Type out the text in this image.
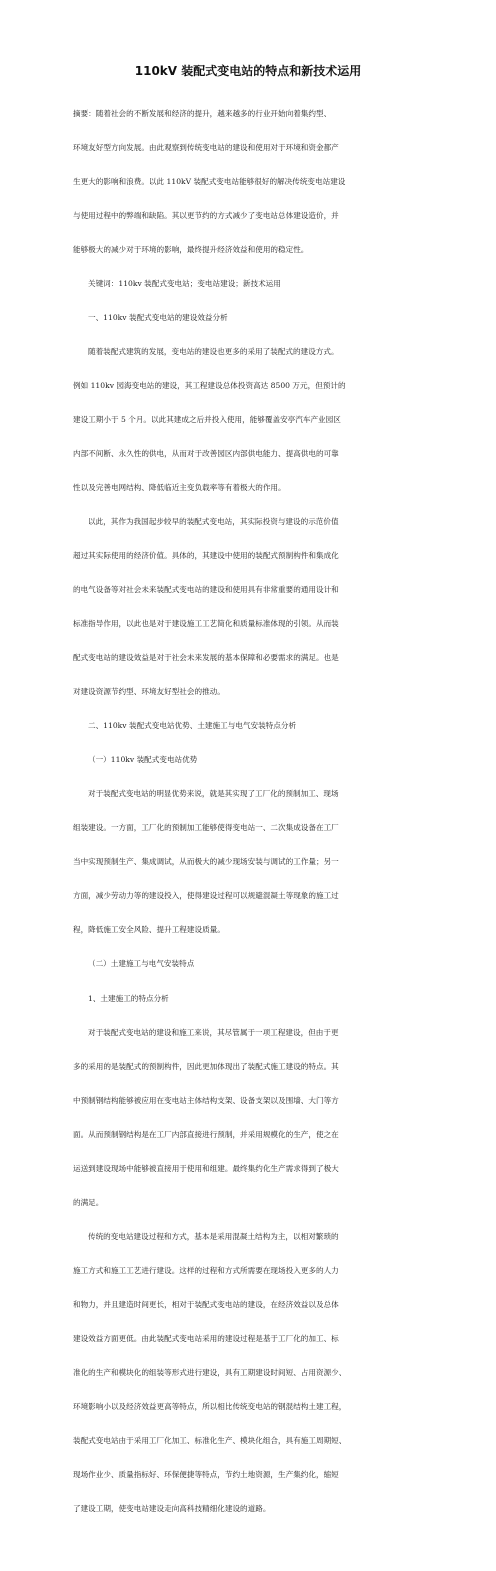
110kV 装配式变电站的特点和新技术运用

摘要：随着社会的不断发展和经济的提升，越来越多的行业开始向着集约型、

环境友好型方向发展。由此观察到传统变电站的建设和使用对于环境和资金都产

生更大的影响和浪费。以此 110kV 装配式变电站能够很好的解决传统变电站建设

与使用过程中的弊端和缺陷。其以更节约的方式减少了变电站总体建设造价，并

能够极大的减少对于环境的影响，最终提升经济效益和使用的稳定性。

关键词：110kv 装配式变电站；变电站建设；新技术运用

一、110kv 装配式变电站的建设效益分析

随着装配式建筑的发展，变电站的建设也更多的采用了装配式的建设方式。

例如 110kv 园海变电站的建设，其工程建设总体投资高达 8500 万元，但预计的

建设工期小于 5 个月。以此其建成之后并投入使用，能够覆盖安亭汽车产业园区

内部不间断、永久性的供电，从而对于改善园区内部供电能力、提高供电的可靠

性以及完善电网结构、降低临近主变负载率等有着极大的作用。

以此，其作为我国起步较早的装配式变电站，其实际投资与建设的示范价值

超过其实际使用的经济价值。具体的，其建设中使用的装配式预制构件和集成化

的电气设备等对社会未来装配式变电站的建设和使用具有非常重要的通用设计和

标准指导作用，以此也是对于建设施工工艺简化和质量标准体现的引领。从而装

配式变电站的建设效益是对于社会未来发展的基本保障和必要需求的满足。也是

对建设资源节约型、环境友好型社会的推动。

二、110kv 装配式变电站优势、土建施工与电气安装特点分析

（一）110kv 装配式变电站优势

对于装配式变电站的明显优势来说，就是其实现了工厂化的预制加工、现场

组装建设。一方面，工厂化的预制加工能够使得变电站一、二次集成设备在工厂

当中实现预制生产、集成调试，从而极大的减少现场安装与调试的工作量；另一

方面，减少劳动力等的建设投入，使得建设过程可以规避混凝土等现象的施工过

程，降低施工安全风险、提升工程建设质量。

（二）土建施工与电气安装特点

1、土建施工的特点分析

对于装配式变电站的建设和施工来说，其尽管属于一项工程建设，但由于更

多的采用的是装配式的预制构件，因此更加体现出了装配式施工建设的特点。其

中预制钢结构能够被应用在变电站主体结构支架、设备支架以及围墙、大门等方

面。从而预制钢结构是在工厂内部直接进行预制，并采用规模化的生产，使之在

运送到建设现场中能够被直接用于使用和组建。最终集约化生产需求得到了极大

的满足。

传统的变电站建设过程和方式，基本是采用混凝土结构为主，以相对繁琐的

施工方式和施工工艺进行建设。这样的过程和方式所需要在现场投入更多的人力

和物力，并且建造时间更长，相对于装配式变电站的建设，在经济效益以及总体

建设效益方面更低。由此装配式变电站采用的建设过程是基于工厂化的加工、标

准化的生产和模块化的组装等形式进行建设，具有工期建设时间短、占用资源少、

环境影响小以及经济效益更高等特点，所以相比传统变电站的钢混结构土建工程，

装配式变电站由于采用工厂化加工、标准化生产、模块化组合，具有施工周期短、

现场作业少、质量指标好、环保便捷等特点，节约土地资源，生产集约化，缩短

了建设工期，使变电站建设走向高科技精细化建设的道路。
